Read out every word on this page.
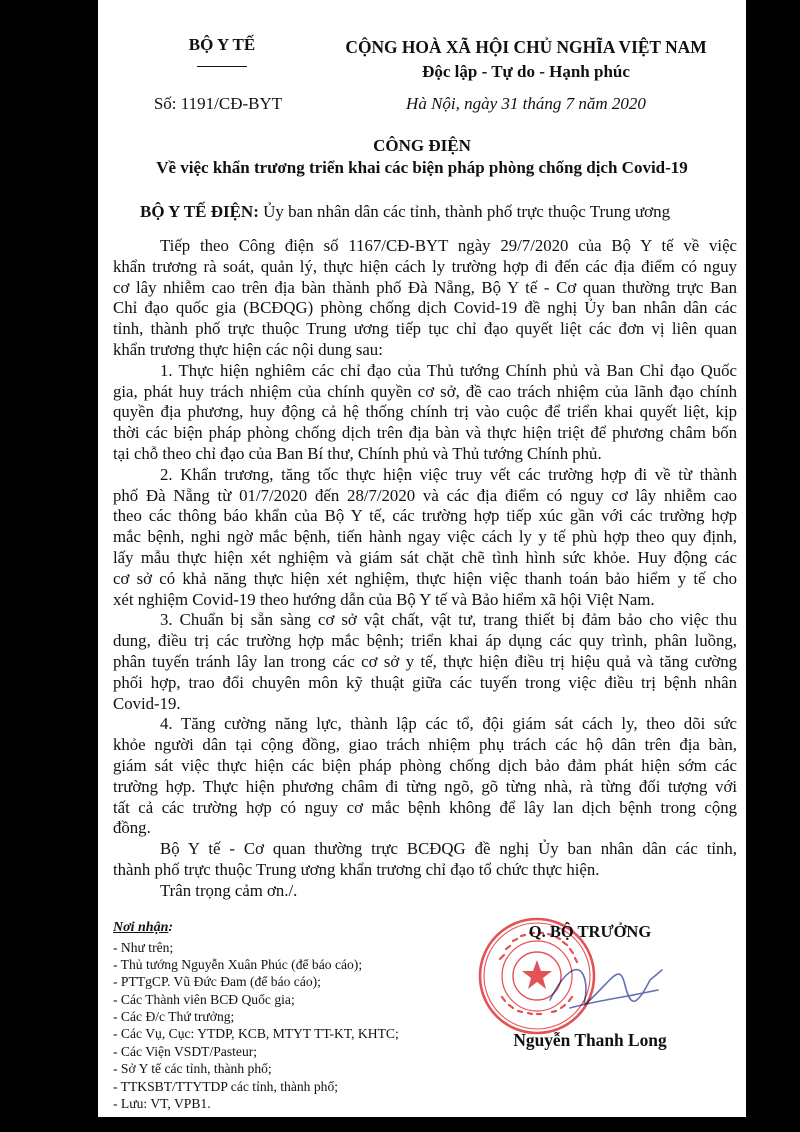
BỘ Y TẾ
Số: 1191/CĐ-BYT
CỘNG HOÀ XÃ HỘI CHỦ NGHĨA VIỆT NAM
Độc lập - Tự do - Hạnh phúc
Hà Nội, ngày 31 tháng 7 năm 2020
CÔNG ĐIỆN
Về việc khẩn trương triển khai các biện pháp phòng chống dịch Covid-19
BỘ Y TẾ ĐIỆN: Ủy ban nhân dân các tỉnh, thành phố trực thuộc Trung ương
Tiếp theo Công điện số 1167/CĐ-BYT ngày 29/7/2020 của Bộ Y tế về việc
khẩn trương rà soát, quản lý, thực hiện cách ly trường hợp đi đến các địa điểm có nguy
cơ lây nhiễm cao trên địa bàn thành phố Đà Nẵng, Bộ Y tế - Cơ quan thường trực Ban
Chỉ đạo quốc gia (BCĐQG) phòng chống dịch Covid-19 đề nghị Ủy ban nhân dân các
tỉnh, thành phố trực thuộc Trung ương tiếp tục chỉ đạo quyết liệt các đơn vị liên quan
khẩn trương thực hiện các nội dung sau:
1. Thực hiện nghiêm các chỉ đạo của Thủ tướng Chính phủ và Ban Chỉ đạo Quốc
gia, phát huy trách nhiệm của chính quyền cơ sở, đề cao trách nhiệm của lãnh đạo chính
quyền địa phương, huy động cả hệ thống chính trị vào cuộc để triển khai quyết liệt, kịp
thời các biện pháp phòng chống dịch trên địa bàn và thực hiện triệt để phương châm bốn
tại chỗ theo chỉ đạo của Ban Bí thư, Chính phủ và Thủ tướng Chính phủ.
2. Khẩn trương, tăng tốc thực hiện việc truy vết các trường hợp đi về từ thành
phố Đà Nẵng từ 01/7/2020 đến 28/7/2020 và các địa điểm có nguy cơ lây nhiễm cao
theo các thông báo khẩn của Bộ Y tế, các trường hợp tiếp xúc gần với các trường hợp
mắc bệnh, nghi ngờ mắc bệnh, tiến hành ngay việc cách ly y tế phù hợp theo quy định,
lấy mẫu thực hiện xét nghiệm và giám sát chặt chẽ tình hình sức khỏe. Huy động các
cơ sở có khả năng thực hiện xét nghiệm, thực hiện việc thanh toán bảo hiểm y tế cho
xét nghiệm Covid-19 theo hướng dẫn của Bộ Y tế và Bảo hiểm xã hội Việt Nam.
3. Chuẩn bị sẵn sàng cơ sở vật chất, vật tư, trang thiết bị đảm bảo cho việc thu
dung, điều trị các trường hợp mắc bệnh; triển khai áp dụng các quy trình, phân luồng,
phân tuyến tránh lây lan trong các cơ sở y tế, thực hiện điều trị hiệu quả và tăng cường
phối hợp, trao đổi chuyên môn kỹ thuật giữa các tuyến trong việc điều trị bệnh nhân
Covid-19.
4. Tăng cường năng lực, thành lập các tổ, đội giám sát cách ly, theo dõi sức
khỏe người dân tại cộng đồng, giao trách nhiệm phụ trách các hộ dân trên địa bàn,
giám sát việc thực hiện các biện pháp phòng chống dịch bảo đảm phát hiện sớm các
trường hợp. Thực hiện phương châm đi từng ngõ, gõ từng nhà, rà từng đối tượng với
tất cả các trường hợp có nguy cơ mắc bệnh không để lây lan dịch bệnh trong cộng
đồng.
Bộ Y tế - Cơ quan thường trực BCĐQG đề nghị Ủy ban nhân dân các tỉnh,
thành phố trực thuộc Trung ương khẩn trương chỉ đạo tổ chức thực hiện.
Trân trọng cảm ơn./.
Nơi nhận:
- Như trên;
- Thủ tướng Nguyễn Xuân Phúc (để báo cáo);
- PTTgCP. Vũ Đức Đam (để báo cáo);
- Các Thành viên BCĐ Quốc gia;
- Các Đ/c Thứ trưởng;
- Các Vụ, Cục: YTDP, KCB, MTYT TT-KT, KHTC;
- Các Viện VSDT/Pasteur;
- Sở Y tế các tỉnh, thành phố;
- TTKSBT/TTYTDP các tỉnh, thành phố;
- Lưu: VT, VPB1.
Q. BỘ TRƯỞNG
Nguyễn Thanh Long
